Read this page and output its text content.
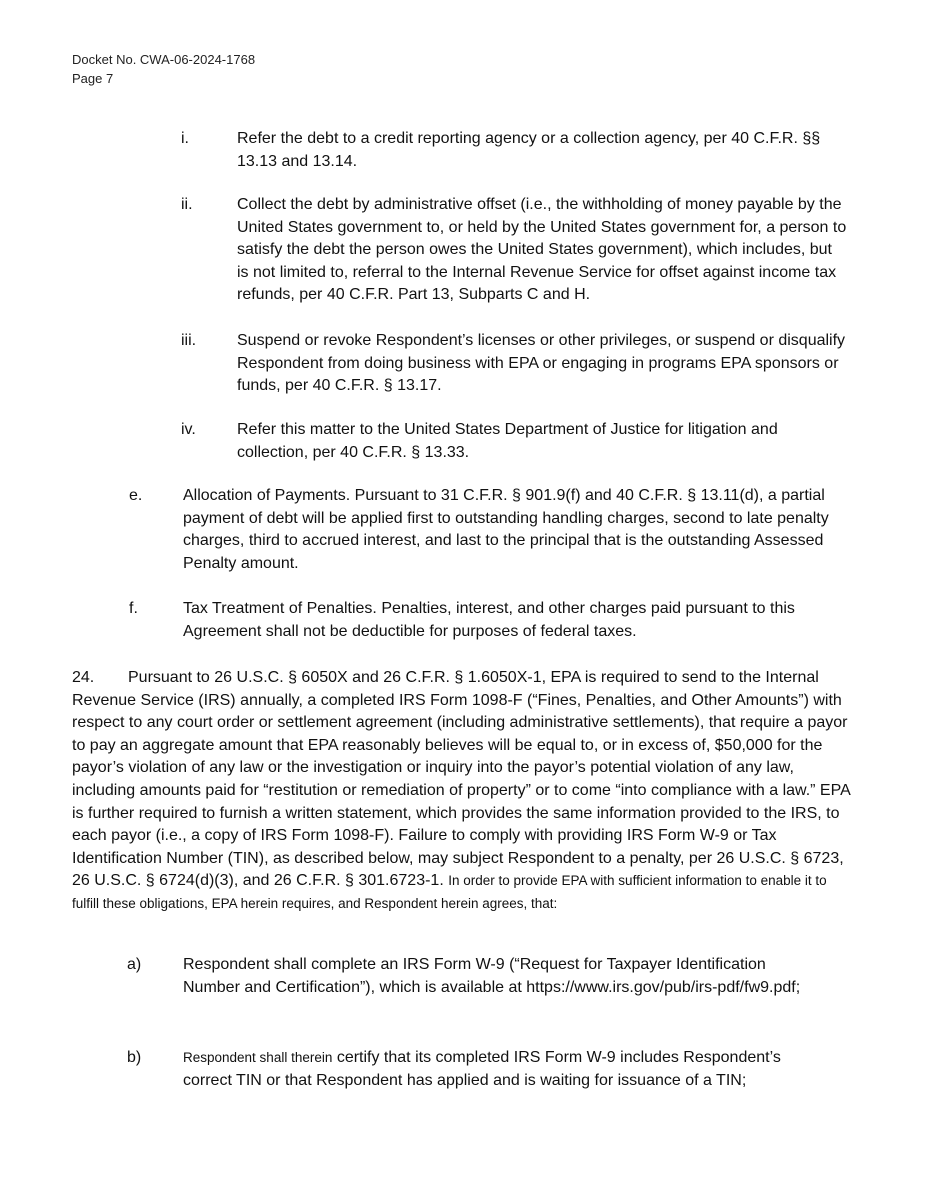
Docket No. CWA-06-2024-1768
Page 7
i.	Refer the debt to a credit reporting agency or a collection agency, per 40 C.F.R. §§ 13.13 and 13.14.

ii.	Collect the debt by administrative offset (i.e., the withholding of money payable by the United States government to, or held by the United States government for, a person to satisfy the debt the person owes the United States government), which includes, but is not limited to, referral to the Internal Revenue Service for offset against income tax refunds, per 40 C.F.R. Part 13, Subparts C and H.

iii.	Suspend or revoke Respondent’s licenses or other privileges, or suspend or disqualify Respondent from doing business with EPA or engaging in programs EPA sponsors or funds, per 40 C.F.R. § 13.17.

iv.	Refer this matter to the United States Department of Justice for litigation and collection, per 40 C.F.R. § 13.33.

e.	Allocation of Payments. Pursuant to 31 C.F.R. § 901.9(f) and 40 C.F.R. § 13.11(d), a partial payment of debt will be applied first to outstanding handling charges, second to late penalty charges, third to accrued interest, and last to the principal that is the outstanding Assessed Penalty amount.

f.	Tax Treatment of Penalties. Penalties, interest, and other charges paid pursuant to this Agreement shall not be deductible for purposes of federal taxes.

24.	Pursuant to 26 U.S.C. § 6050X and 26 C.F.R. § 1.6050X-1, EPA is required to send to the Internal Revenue Service (IRS) annually, a completed IRS Form 1098-F (“Fines, Penalties, and Other Amounts”) with respect to any court order or settlement agreement (including administrative settlements), that require a payor to pay an aggregate amount that EPA reasonably believes will be equal to, or in excess of, $50,000 for the payor’s violation of any law or the investigation or inquiry into the payor’s potential violation of any law, including amounts paid for “restitution or remediation of property” or to come “into compliance with a law.” EPA is further required to furnish a written statement, which provides the same information provided to the IRS, to each payor (i.e., a copy of IRS Form 1098-F). Failure to comply with providing IRS Form W-9 or Tax Identification Number (TIN), as described below, may subject Respondent to a penalty, per 26 U.S.C. § 6723, 26 U.S.C. § 6724(d)(3), and 26 C.F.R. § 301.6723-1. In order to provide EPA with sufficient information to enable it to fulfill these obligations, EPA herein requires, and Respondent herein agrees, that:

a)	Respondent shall complete an IRS Form W-9 (“Request for Taxpayer Identification Number and Certification”), which is available at https://www.irs.gov/pub/irs-pdf/fw9.pdf;

b)	Respondent shall therein certify that its completed IRS Form W-9 includes Respondent’s correct TIN or that Respondent has applied and is waiting for issuance of a TIN;
